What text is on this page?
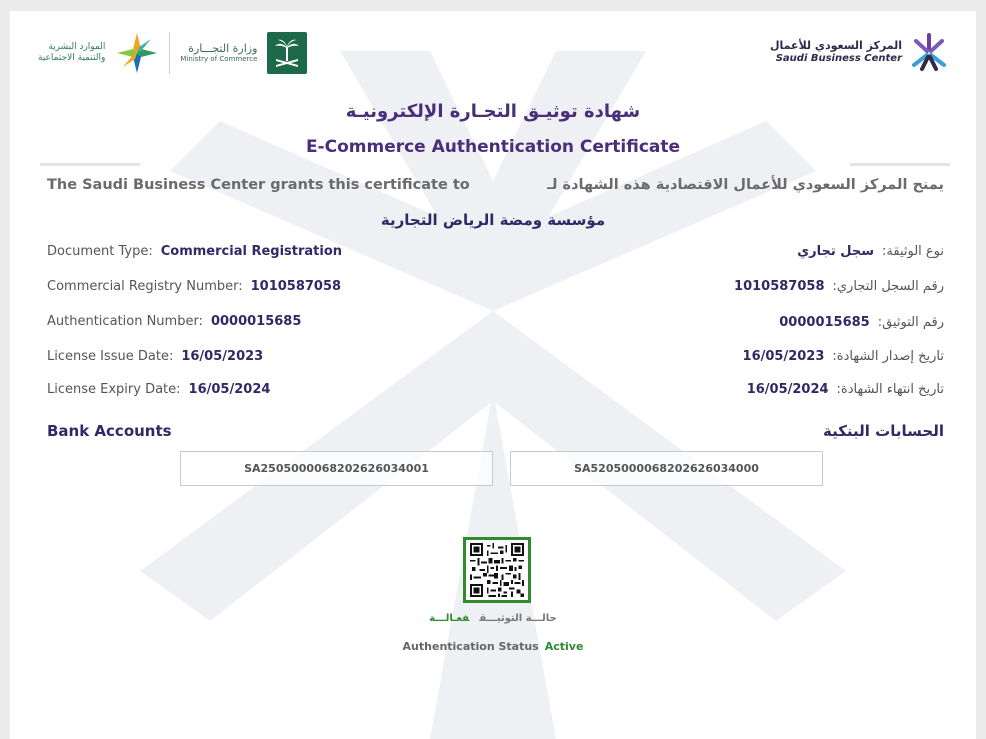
المركز السعودي للأعمال
Saudi Business Center
الموارد البشرية
والتنمية الاجتماعية
وزارة التجـــارة
Ministry of Commerce
شهادة توثيـق التجـارة الإلكترونيـة
E-Commerce Authentication Certificate
The Saudi Business Center grants this certificate to	يمنح المركز السعودي للأعمال الاقتصادية هذه الشهادة لـ
مؤسسة ومضة الرياض التجارية
Document Type: Commercial Registration
Commercial Registry Number: 1010587058
Authentication Number: 0000015685
License Issue Date: 16/05/2023
License Expiry Date: 16/05/2024
نوع الوثيقة:سجل تجاري
رقم السجل التجاري:1010587058
رقم التوثيق:0000015685
تاريخ إصدار الشهادة:16/05/2023
تاريخ انتهاء الشهادة:16/05/2024
Bank Accounts	الحسابات البنكية
SA2505000068202626034001	SA5205000068202626034000
حالـــة التوثيـــقفعـالـــة
Authentication Status Active
